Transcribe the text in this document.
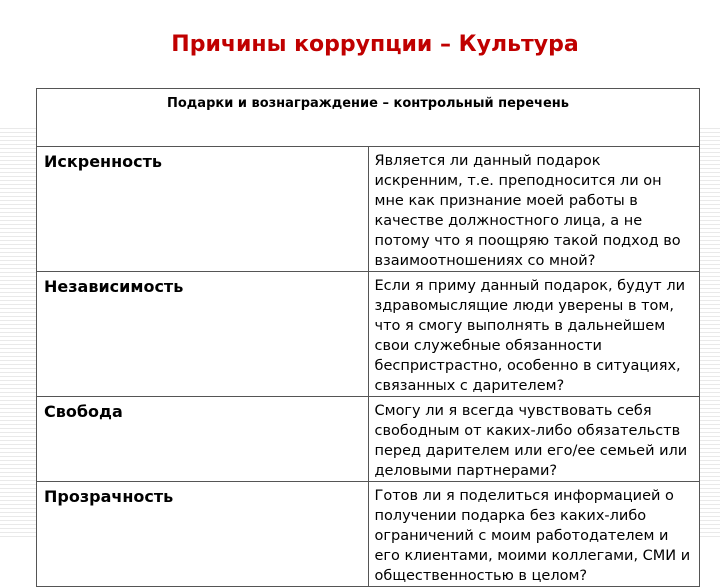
Причины коррупции – Культура
Подарки и вознаграждение – контрольный перечень	
Искренность	Является ли данный подарок искренним, т.е. преподносится ли он мне как признание моей работы в качестве должностного лица, а не потому что я поощряю такой подход во взаимоотношениях со мной?
Независимость	Если я приму данный подарок, будут ли здравомыслящие люди уверены в том, что я смогу выполнять в дальнейшем свои служебные обязанности беспристрастно, особенно в ситуациях, связанных с дарителем?
Свобода	Смогу ли я всегда чувствовать себя свободным от каких-либо обязательств перед дарителем или его/ее семьей или деловыми партнерами?
Прозрачность	Готов ли я поделиться информацией о получении подарка без каких-либо ограничений с моим работодателем и его клиентами, моими коллегами, СМИ и общественностью в целом?
